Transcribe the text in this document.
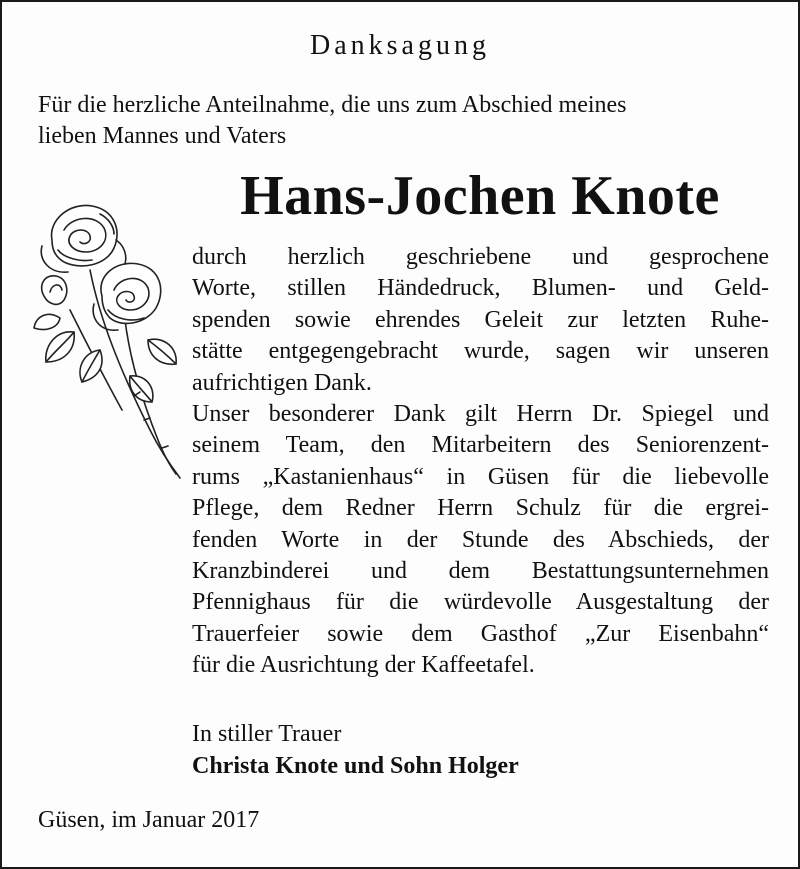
Danksagung
Für die herzliche Anteilnahme, die uns zum Abschied meines
lieben Mannes und Vaters
Hans-Jochen Knote
durch herzlich geschriebene und gesprochene
Worte, stillen Händedruck, Blumen- und Geld-
spenden sowie ehrendes Geleit zur letzten Ruhe-
stätte entgegengebracht wurde, sagen wir unseren
aufrichtigen Dank.
Unser besonderer Dank gilt Herrn Dr. Spiegel und
seinem Team, den Mitarbeitern des Seniorenzent-
rums „Kastanienhaus“ in Güsen für die liebevolle
Pflege, dem Redner Herrn Schulz für die ergrei-
fenden Worte in der Stunde des Abschieds, der
Kranzbinderei und dem Bestattungsunternehmen
Pfennighaus für die würdevolle Ausgestaltung der
Trauerfeier sowie dem Gasthof „Zur Eisenbahn“
für die Ausrichtung der Kaffeetafel.
In stiller Trauer
Christa Knote und Sohn Holger
Güsen, im Januar 2017
